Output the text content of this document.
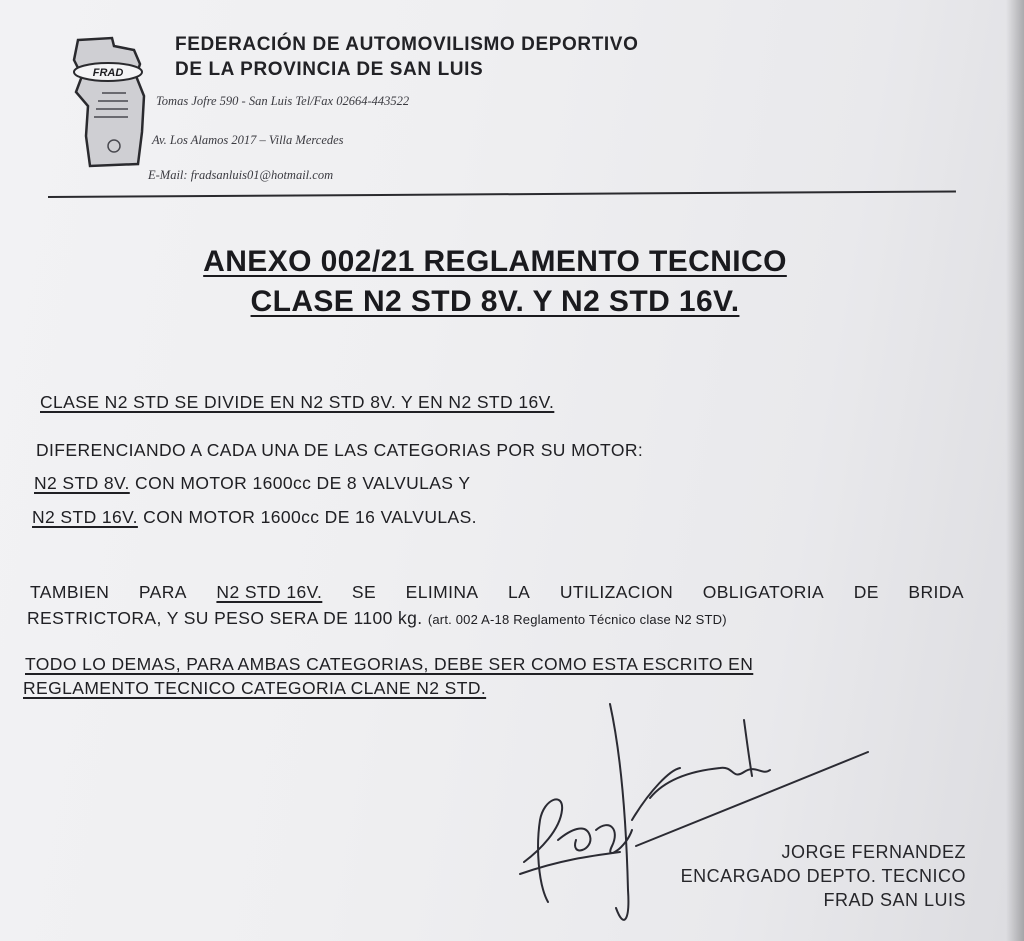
FRAD
FEDERACIÓN DE AUTOMOVILISMO DEPORTIVO
DE LA PROVINCIA DE SAN LUIS
Tomas Jofre 590 - San Luis Tel/Fax 02664-443522
Av. Los Alamos 2017 – Villa Mercedes
E-Mail: fradsanluis01@hotmail.com
ANEXO 002/21 REGLAMENTO TECNICO
CLASE N2 STD 8V. Y N2 STD 16V.
CLASE N2 STD SE DIVIDE EN N2 STD 8V. Y EN N2 STD 16V.
DIFERENCIANDO A CADA UNA DE LAS CATEGORIAS POR SU MOTOR:
N2 STD 8V. CON MOTOR 1600cc DE 8 VALVULAS Y
N2 STD 16V. CON MOTOR 1600cc DE 16 VALVULAS.
TAMBIEN PARA N2 STD 16V. SE ELIMINA LA UTILIZACION OBLIGATORIA DE BRIDA
RESTRICTORA, Y SU PESO SERA DE 1100 kg. (art. 002 A-18 Reglamento Técnico clase N2 STD)
TODO LO DEMAS, PARA AMBAS CATEGORIAS, DEBE SER COMO ESTA ESCRITO EN
REGLAMENTO TECNICO CATEGORIA CLANE N2 STD.
JORGE FERNANDEZ
ENCARGADO DEPTO. TECNICO
FRAD SAN LUIS
